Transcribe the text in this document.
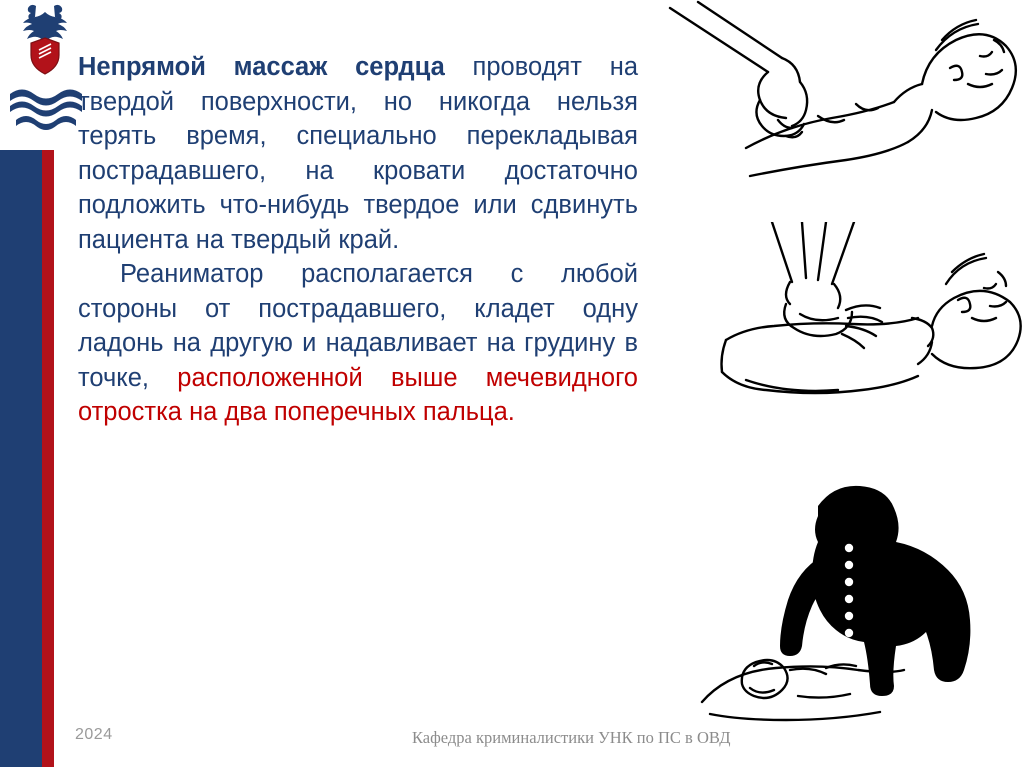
Непрямой массаж сердца проводят на твердой поверхности, но никогда нельзя терять время, специально перекладывая пострадавшего, на кровати достаточно подложить что-нибудь твердое или сдвинуть пациента на твердый край.

Реаниматор располагается с любой стороны от пострадавшего, кладет одну ладонь на другую и надавливает на грудину в точке, расположенной выше мечевидного отростка на два поперечных пальца.

2024	Кафедра криминалистики УНК по ПС в ОВД
